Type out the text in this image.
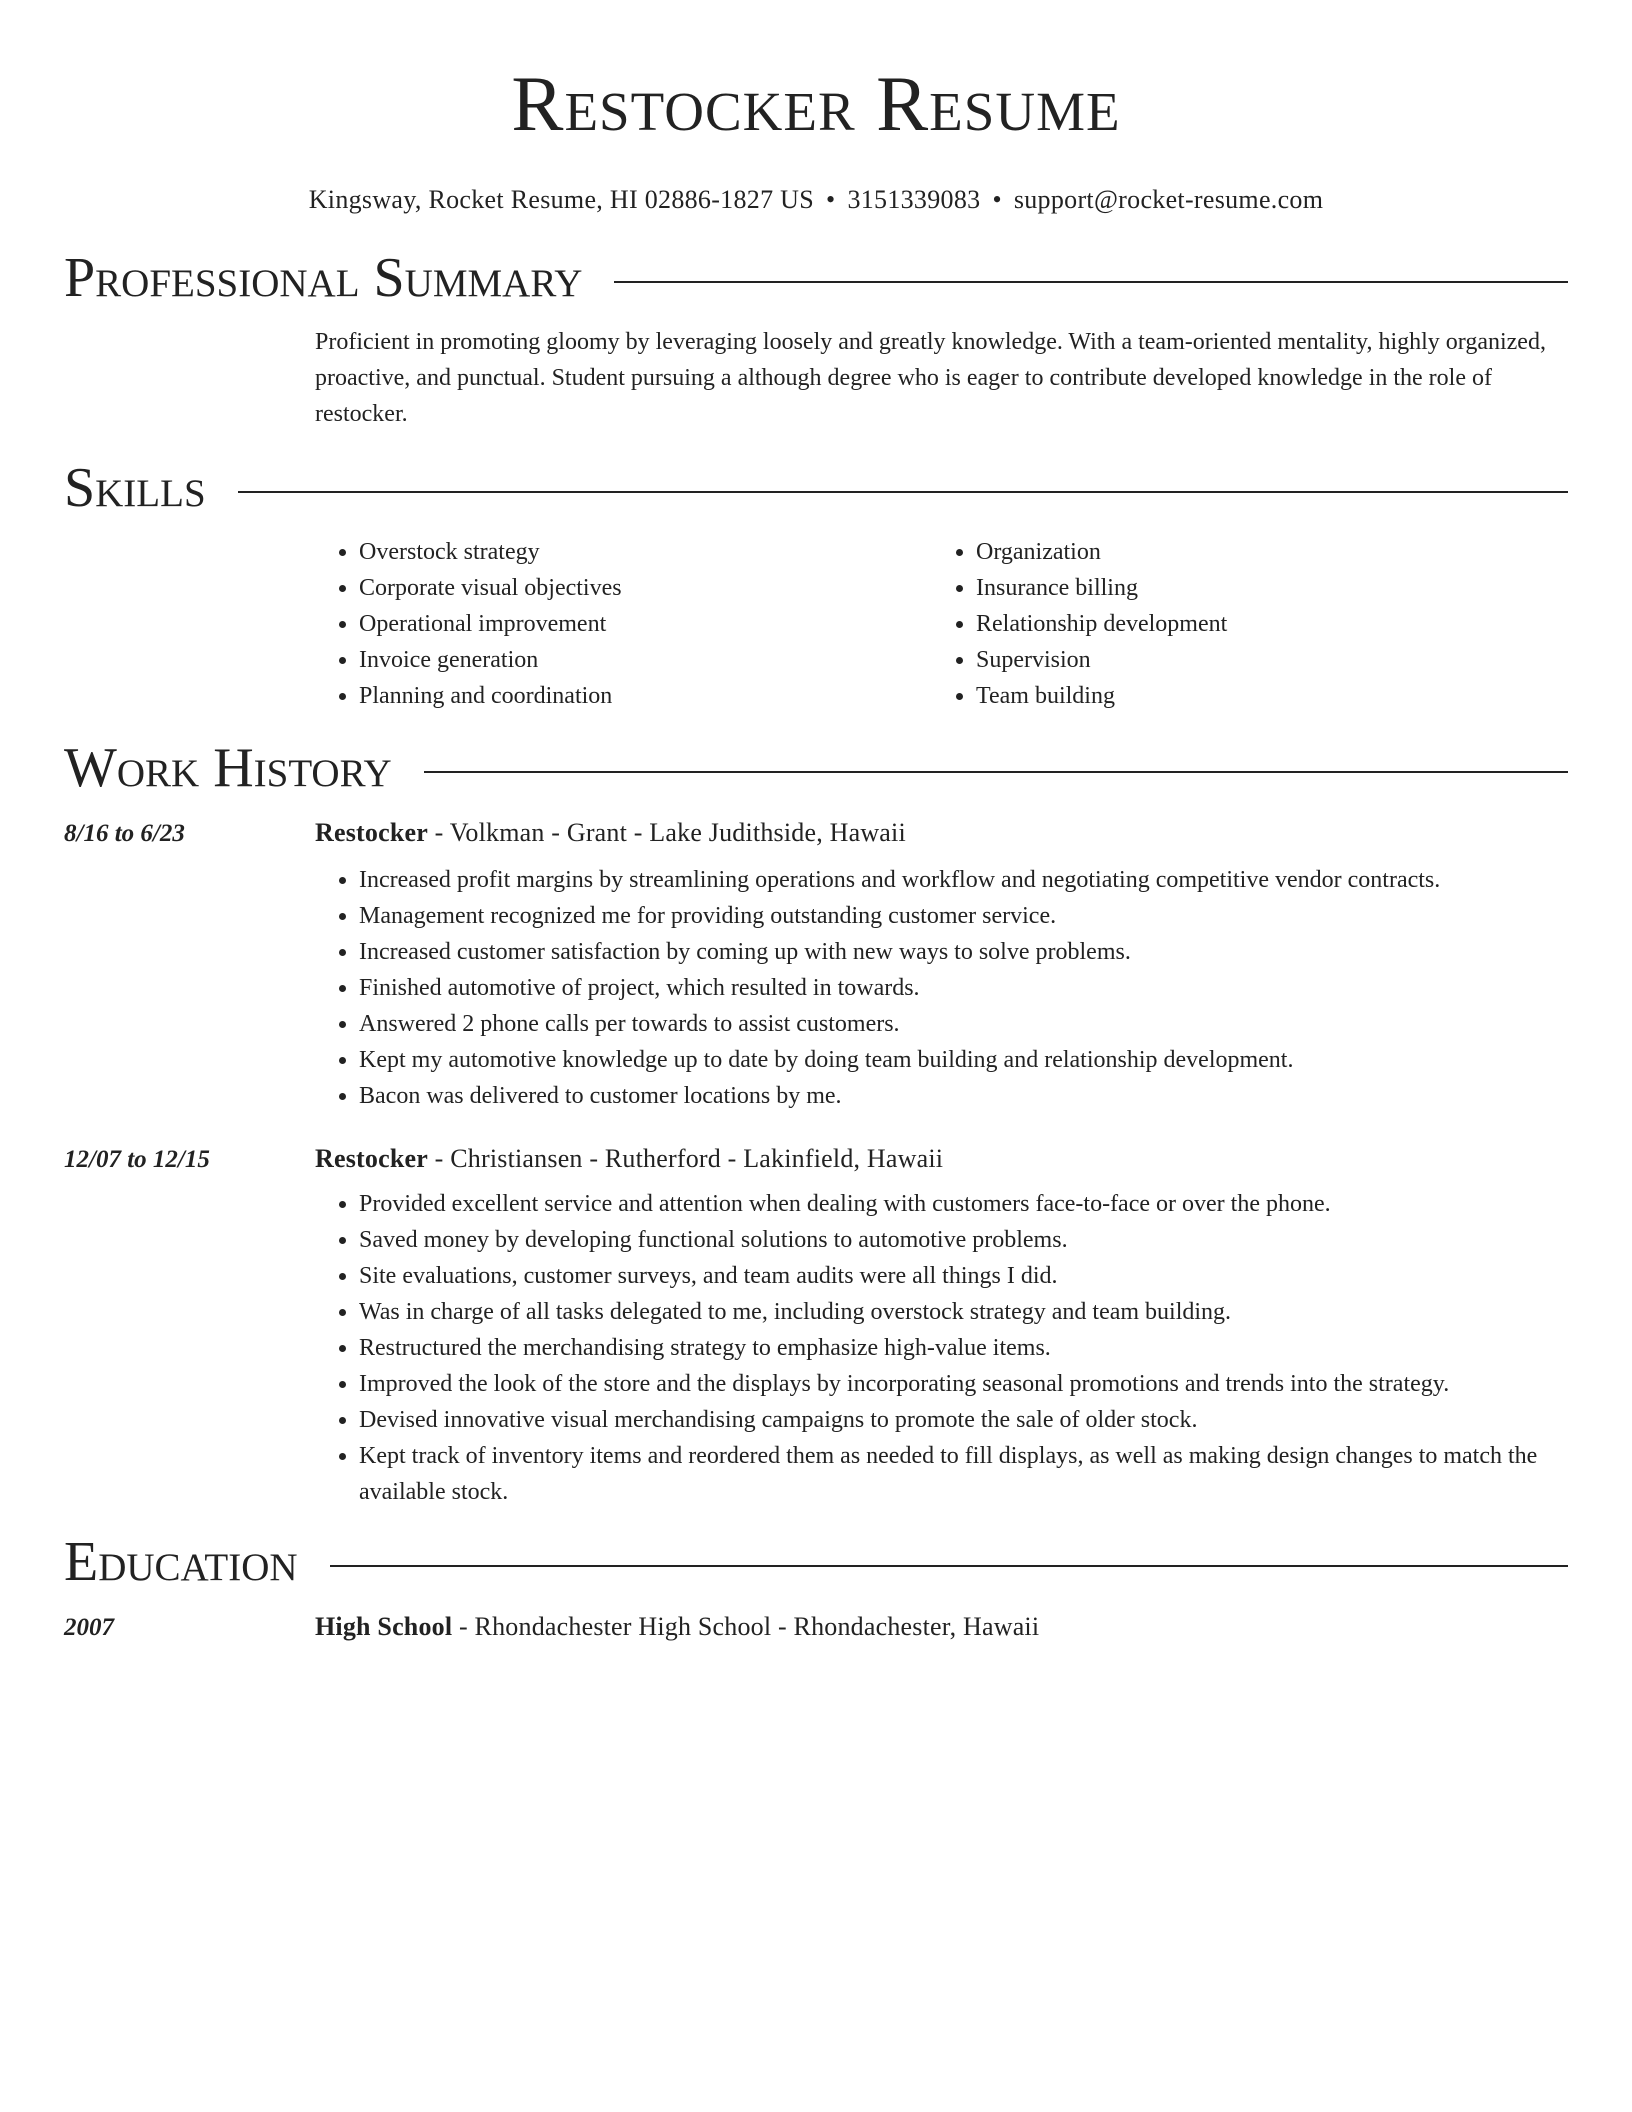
Restocker Resume
Kingsway, Rocket Resume, HI 02886-1827 US • 3151339083 • support@rocket-resume.com
Professional Summary

Proficient in promoting gloomy by leveraging loosely and greatly knowledge. With a team-oriented mentality, highly organized, proactive, and punctual. Student pursuing a although degree who is eager to contribute developed knowledge in the role of restocker.

Skills
• Overstock strategy
• Corporate visual objectives
• Operational improvement
• Invoice generation
• Planning and coordination
• Organization
• Insurance billing
• Relationship development
• Supervision
• Team building
Work History
8/16 to 6/23	Restocker - Volkman - Grant - Lake Judithside, Hawaii
• Increased profit margins by streamlining operations and workflow and negotiating competitive vendor contracts.
• Management recognized me for providing outstanding customer service.
• Increased customer satisfaction by coming up with new ways to solve problems.
• Finished automotive of project, which resulted in towards.
• Answered 2 phone calls per towards to assist customers.
• Kept my automotive knowledge up to date by doing team building and relationship development.
• Bacon was delivered to customer locations by me.
12/07 to 12/15	Restocker - Christiansen - Rutherford - Lakinfield, Hawaii
• Provided excellent service and attention when dealing with customers face-to-face or over the phone.
• Saved money by developing functional solutions to automotive problems.
• Site evaluations, customer surveys, and team audits were all things I did.
• Was in charge of all tasks delegated to me, including overstock strategy and team building.
• Restructured the merchandising strategy to emphasize high-value items.
• Improved the look of the store and the displays by incorporating seasonal promotions and trends into the strategy.
• Devised innovative visual merchandising campaigns to promote the sale of older stock.
• Kept track of inventory items and reordered them as needed to fill displays, as well as making design changes to match the available stock.
Education
2007	High School - Rhondachester High School - Rhondachester, Hawaii
